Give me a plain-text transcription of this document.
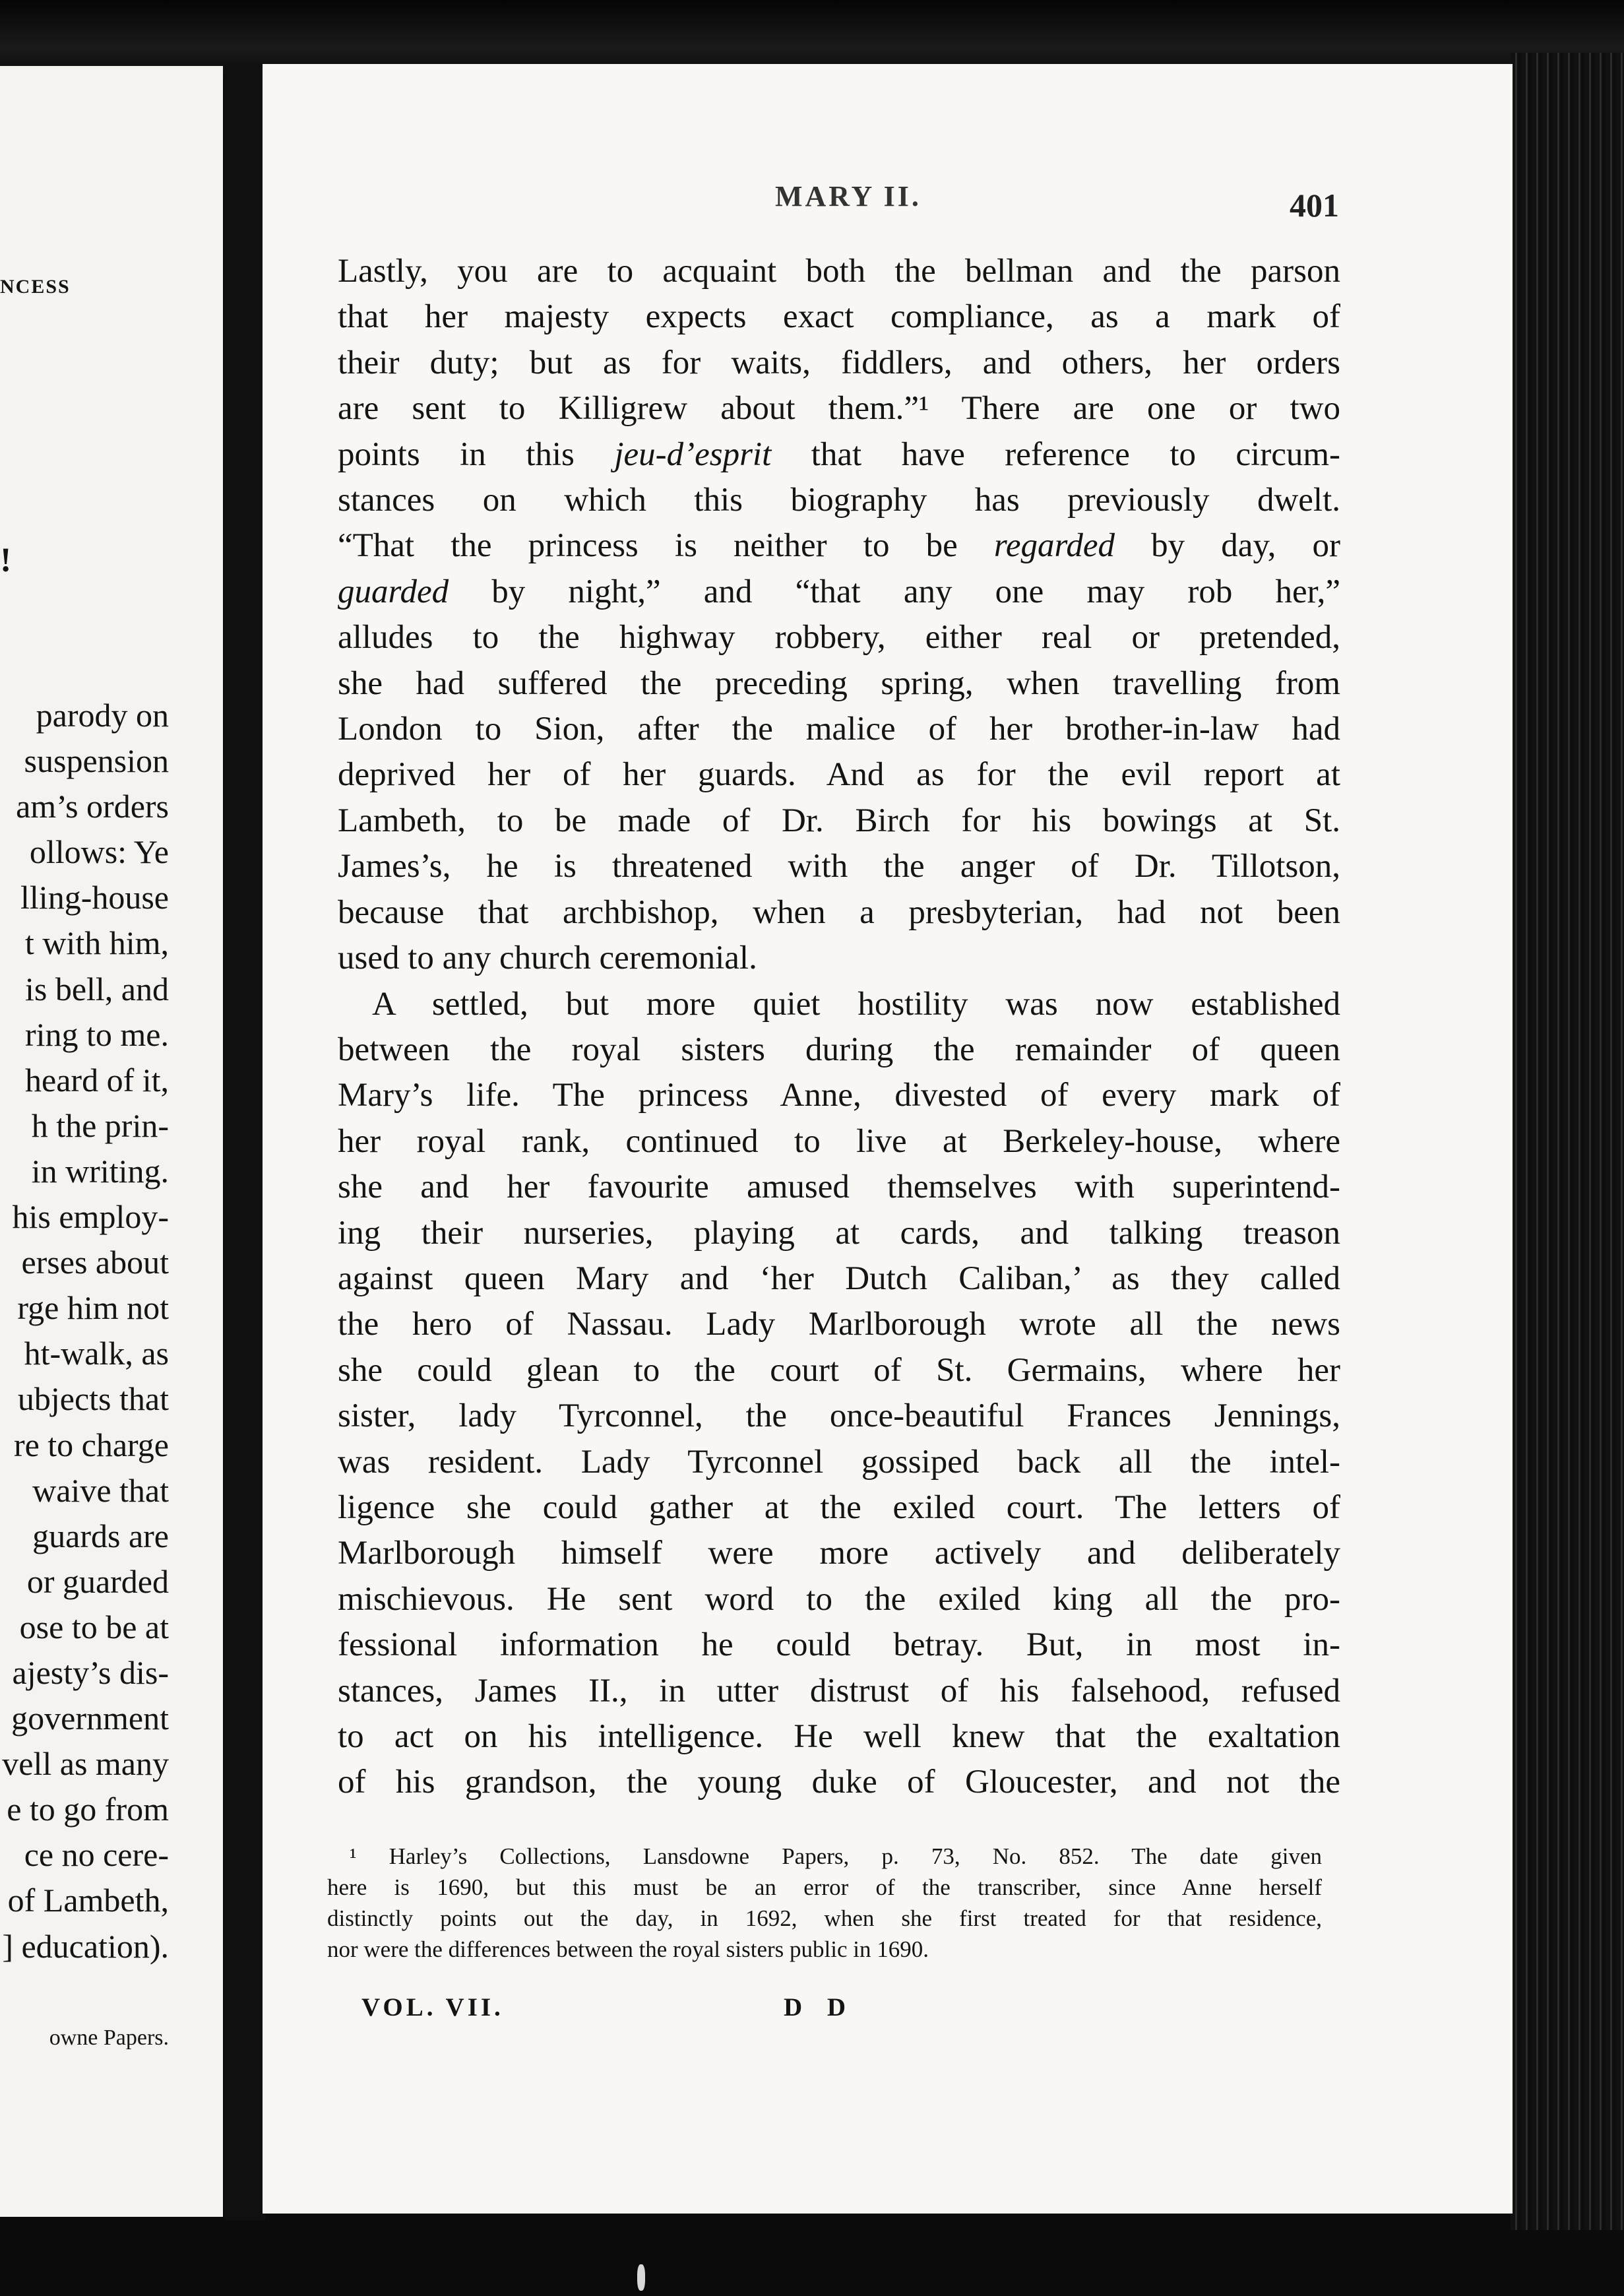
NCESS
!
parody on
suspension
am’s orders
ollows: Ye
lling-house
t with him,
is bell, and
ring to me.
heard of it,
h the prin-
in writing.
his employ-
erses about
rge him not
ht-walk, as
ubjects that
re to charge
waive that
guards are
or guarded
ose to be at
ajesty’s dis-
government
vell as many
e to go from
ce no cere-
of Lambeth,
] education).

owne Papers.
MARY II.	401
Lastly, you are to acquaint both the bellman and the parson
that her majesty expects exact compliance, as a mark of
their duty; but as for waits, fiddlers, and others, her orders
are sent to Killigrew about them.”¹ There are one or two
points in this jeu-d’esprit that have reference to circum-
stances on which this biography has previously dwelt.
“That the princess is neither to be regarded by day, or
guarded by night,” and “that any one may rob her,”
alludes to the highway robbery, either real or pretended,
she had suffered the preceding spring, when travelling from
London to Sion, after the malice of her brother-in-law had
deprived her of her guards. And as for the evil report at
Lambeth, to be made of Dr. Birch for his bowings at St.
James’s, he is threatened with the anger of Dr. Tillotson,
because that archbishop, when a presbyterian, had not been
used to any church ceremonial.
A settled, but more quiet hostility was now established
between the royal sisters during the remainder of queen
Mary’s life. The princess Anne, divested of every mark of
her royal rank, continued to live at Berkeley-house, where
she and her favourite amused themselves with superintend-
ing their nurseries, playing at cards, and talking treason
against queen Mary and ‘her Dutch Caliban,’ as they called
the hero of Nassau. Lady Marlborough wrote all the news
she could glean to the court of St. Germains, where her
sister, lady Tyrconnel, the once-beautiful Frances Jennings,
was resident. Lady Tyrconnel gossiped back all the intel-
ligence she could gather at the exiled court. The letters of
Marlborough himself were more actively and deliberately
mischievous. He sent word to the exiled king all the pro-
fessional information he could betray. But, in most in-
stances, James II., in utter distrust of his falsehood, refused
to act on his intelligence. He well knew that the exaltation
of his grandson, the young duke of Gloucester, and not the
¹ Harley’s Collections, Lansdowne Papers, p. 73, No. 852. The date given
here is 1690, but this must be an error of the transcriber, since Anne herself
distinctly points out the day, in 1692, when she first treated for that residence,
nor were the differences between the royal sisters public in 1690.
VOL. VII.	D D
